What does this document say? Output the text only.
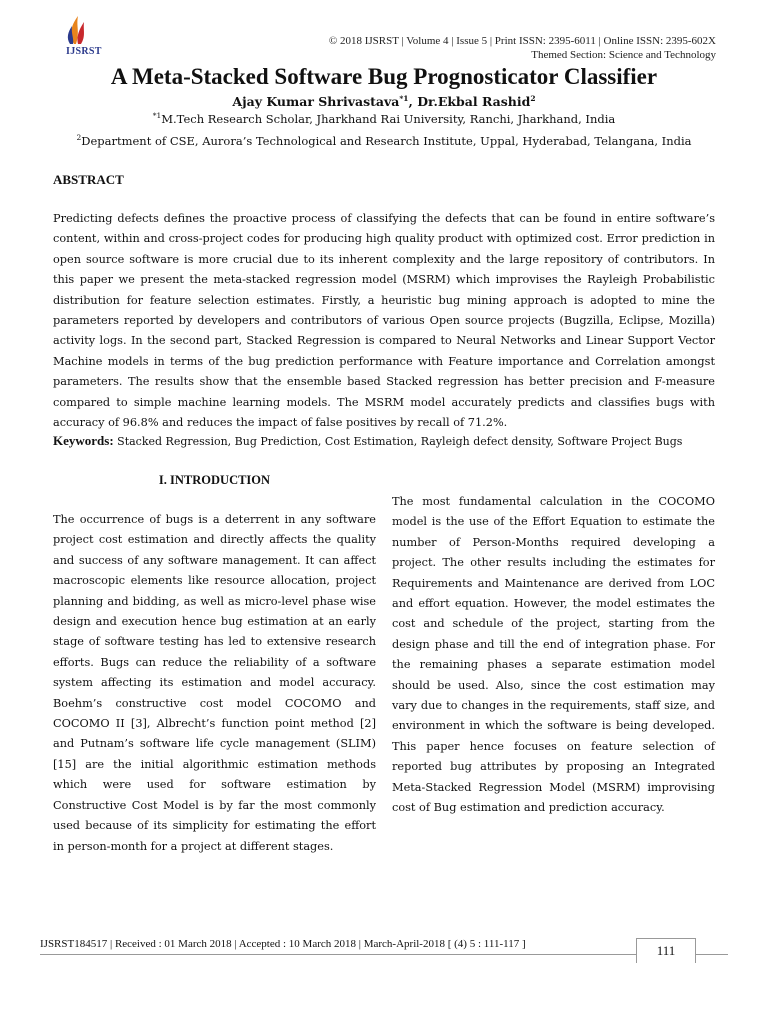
IJSRST
© 2018 IJSRST | Volume 4 | Issue 5 | Print ISSN: 2395-6011 | Online ISSN: 2395-602X
Themed Section: Science and Technology
A Meta-Stacked Software Bug Prognosticator Classifier
Ajay Kumar Shrivastava$^{*1}$, Dr.Ekbal Rashid$^2$
$^{*1}$M.Tech Research Scholar, Jharkhand Rai University, Ranchi, Jharkhand, India
$^2$Department of CSE, Aurora’s Technological and Research Institute, Uppal, Hyderabad, Telangana, India
ABSTRACT

Predicting defects defines the proactive process of classifying the defects that can be found in entire software’s content, within and cross-project codes for producing high quality product with optimized cost. Error prediction in open source software is more crucial due to its inherent complexity and the large repository of contributors. In this paper we present the meta-stacked regression model (MSRM) which improvises the Rayleigh Probabilistic distribution for feature selection estimates. Firstly, a heuristic bug mining approach is adopted to mine the parameters reported by developers and contributors of various Open source projects (Bugzilla, Eclipse, Mozilla) activity logs. In the second part, Stacked Regression is compared to Neural Networks and Linear Support Vector Machine models in terms of the bug prediction performance with Feature importance and Correlation amongst parameters. The results show that the ensemble based Stacked regression has better precision and F-measure compared to simple machine learning models. The MSRM model accurately predicts and classifies bugs with accuracy of 96.8% and reduces the impact of false positives by recall of 71.2%.

Keywords: Stacked Regression, Bug Prediction, Cost Estimation, Rayleigh defect density, Software Project Bugs

I. INTRODUCTION

The occurrence of bugs is a deterrent in any software project cost estimation and directly affects the quality and success of any software management. It can affect macroscopic elements like resource allocation, project planning and bidding, as well as micro-level phase wise design and execution hence bug estimation at an early stage of software testing has led to extensive research efforts. Bugs can reduce the reliability of a software system affecting its estimation and model accuracy. Boehm’s constructive cost model COCOMO and COCOMO II [3], Albrecht’s function point method [2] and Putnam’s software life cycle management (SLIM) [15] are the initial algorithmic estimation methods which were used for software estimation by Constructive Cost Model is by far the most commonly used because of its simplicity for estimating the effort in person-month for a project at different stages.

The most fundamental calculation in the COCOMO model is the use of the Effort Equation to estimate the number of Person-Months required developing a project. The other results including the estimates for Requirements and Maintenance are derived from LOC and effort equation. However, the model estimates the cost and schedule of the project, starting from the design phase and till the end of integration phase. For the remaining phases a separate estimation model should be used. Also, since the cost estimation may vary due to changes in the requirements, staff size, and environment in which the software is being developed. This paper hence focuses on feature selection of reported bug attributes by proposing an Integrated Meta-Stacked Regression Model (MSRM) improvising cost of Bug estimation and prediction accuracy.

IJSRST184517 | Received : 01 March 2018 | Accepted : 10 March 2018 | March-April-2018 [ (4) 5 : 111-117 ]	111
